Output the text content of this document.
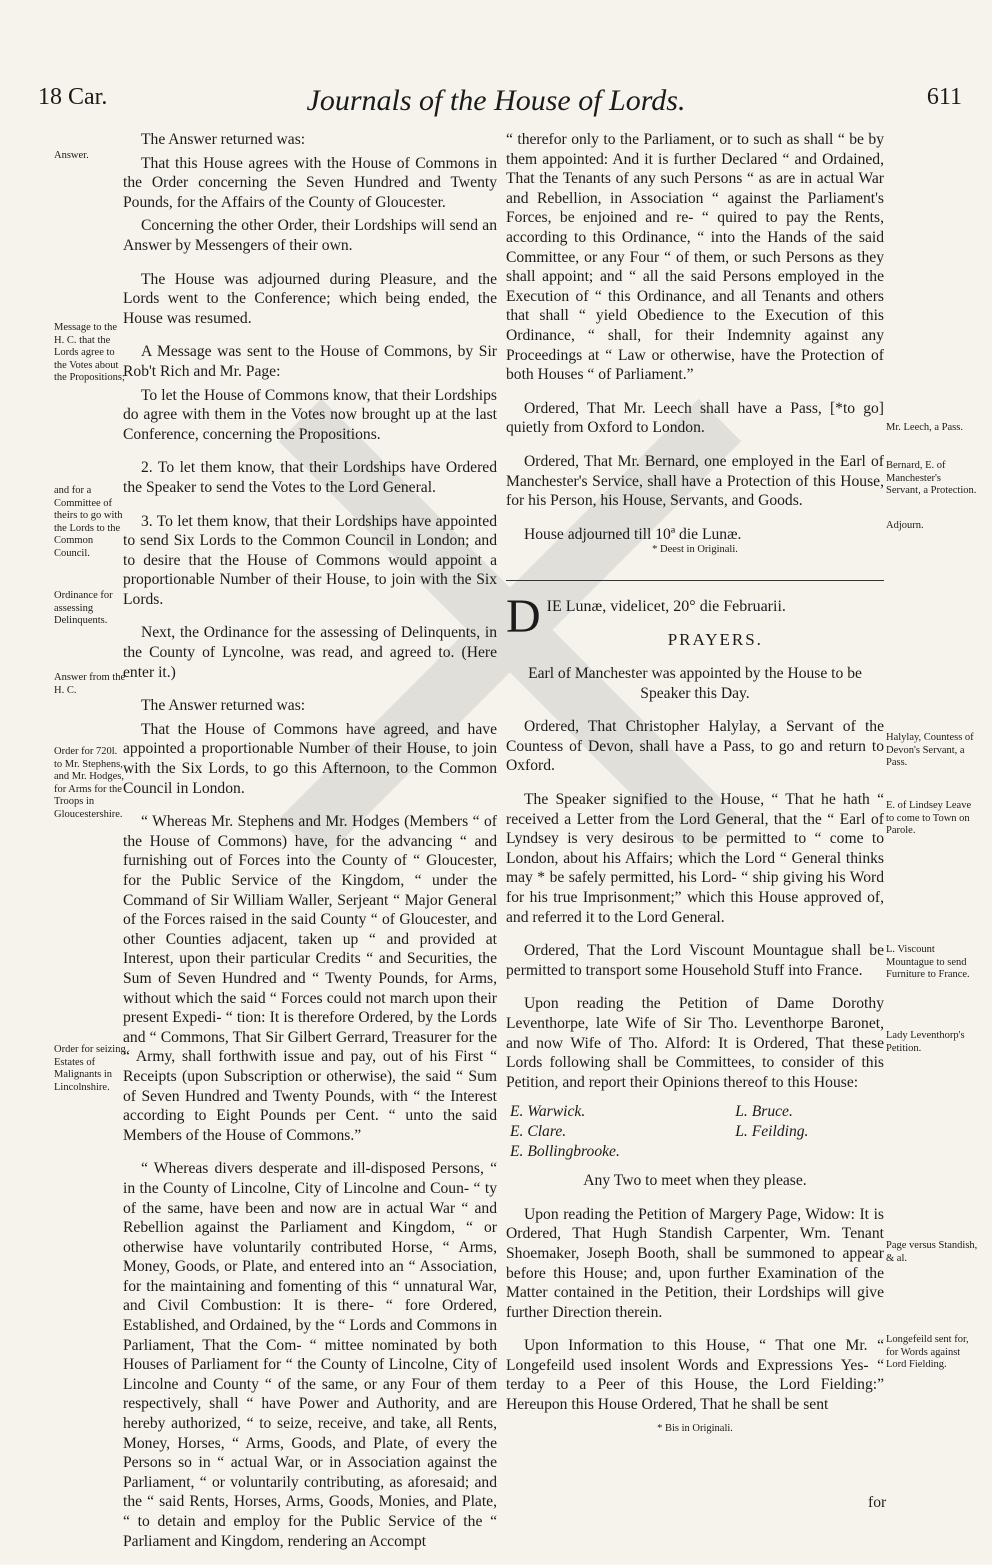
18 Car.	Journals of the House of Lords.	611
Answer.
Message to the H. C. that the Lords agree to the Votes about the Propositions;
and for a Committee of theirs to go with the Lords to the Common Council.
Ordinance for assessing Delinquents.
Answer from the H. C.
Order for 720l. to Mr. Stephens, and Mr. Hodges, for Arms for the Troops in Gloucestershire.
Order for seizing Estates of Malignants in Lincolnshire.
Mr. Leech, a Pass.
Bernard, E. of Manchester's Servant, a Protection.
Adjourn.
Halylay, Countess of Devon's Servant, a Pass.
E. of Lindsey Leave to come to Town on Parole.
L. Viscount Mountague to send Furniture to France.
Lady Leventhorp's Petition.
Page versus Standish, & al.
Longefeild sent for, for Words against Lord Fielding.

The Answer returned was:

That this House agrees with the House of Commons in the Order concerning the Seven Hundred and Twenty Pounds, for the Affairs of the County of Gloucester.

Concerning the other Order, their Lordships will send an Answer by Messengers of their own.

The House was adjourned during Pleasure, and the Lords went to the Conference; which being ended, the House was resumed.

A Message was sent to the House of Commons, by Sir Rob't Rich and Mr. Page:

To let the House of Commons know, that their Lordships do agree with them in the Votes now brought up at the last Conference, concerning the Propositions.

2. To let them know, that their Lordships have Ordered the Speaker to send the Votes to the Lord General.

3. To let them know, that their Lordships have appointed to send Six Lords to the Common Council in London; and to desire that the House of Commons would appoint a proportionable Number of their House, to join with the Six Lords.

Next, the Ordinance for the assessing of Delinquents, in the County of Lyncolne, was read, and agreed to. (Here enter it.)

The Answer returned was:

That the House of Commons have agreed, and have appointed a proportionable Number of their House, to join with the Six Lords, to go this Afternoon, to the Common Council in London.

“ Whereas Mr. Stephens and Mr. Hodges (Members “ of the House of Commons) have, for the advancing “ and furnishing out of Forces into the County of “ Gloucester, for the Public Service of the Kingdom, “ under the Command of Sir William Waller, Serjeant “ Major General of the Forces raised in the said County “ of Gloucester, and other Counties adjacent, taken up “ and provided at Interest, upon their particular Credits “ and Securities, the Sum of Seven Hundred and “ Twenty Pounds, for Arms, without which the said “ Forces could not march upon their present Expedi- “ tion: It is therefore Ordered, by the Lords and “ Commons, That Sir Gilbert Gerrard, Treasurer for the “ Army, shall forthwith issue and pay, out of his First “ Receipts (upon Subscription or otherwise), the said “ Sum of Seven Hundred and Twenty Pounds, with “ the Interest according to Eight Pounds per Cent. “ unto the said Members of the House of Commons.”

“ Whereas divers desperate and ill-disposed Persons, “ in the County of Lincolne, City of Lincolne and Coun- “ ty of the same, have been and now are in actual War “ and Rebellion against the Parliament and Kingdom, “ or otherwise have voluntarily contributed Horse, “ Arms, Money, Goods, or Plate, and entered into an “ Association, for the maintaining and fomenting of this “ unnatural War, and Civil Combustion: It is there- “ fore Ordered, Established, and Ordained, by the “ Lords and Commons in Parliament, That the Com- “ mittee nominated by both Houses of Parliament for “ the County of Lincolne, City of Lincolne and County “ of the same, or any Four of them respectively, shall “ have Power and Authority, and are hereby authorized, “ to seize, receive, and take, all Rents, Money, Horses, “ Arms, Goods, and Plate, of every the Persons so in “ actual War, or in Association against the Parliament, “ or voluntarily contributing, as aforesaid; and the “ said Rents, Horses, Arms, Goods, Monies, and Plate, “ to detain and employ for the Public Service of the “ Parliament and Kingdom, rendering an Accompt

“ therefor only to the Parliament, or to such as shall “ be by them appointed: And it is further Declared “ and Ordained, That the Tenants of any such Persons “ as are in actual War and Rebellion, in Association “ against the Parliament's Forces, be enjoined and re- “ quired to pay the Rents, according to this Ordinance, “ into the Hands of the said Committee, or any Four “ of them, or such Persons as they shall appoint; and “ all the said Persons employed in the Execution of “ this Ordinance, and all Tenants and others that shall “ yield Obedience to the Execution of this Ordinance, “ shall, for their Indemnity against any Proceedings at “ Law or otherwise, have the Protection of both Houses “ of Parliament.”

Ordered, That Mr. Leech shall have a Pass, [*to go] quietly from Oxford to London.

Ordered, That Mr. Bernard, one employed in the Earl of Manchester's Service, shall have a Protection of this House, for his Person, his House, Servants, and Goods.

House adjourned till 10ª die Lunæ.

* Deest in Originali.

D IE Lunæ, videlicet, 20° die Februarii.

PRAYERS.

Earl of Manchester was appointed by the House to be Speaker this Day.

Ordered, That Christopher Halylay, a Servant of the Countess of Devon, shall have a Pass, to go and return to Oxford.

The Speaker signified to the House, “ That he hath “ received a Letter from the Lord General, that the “ Earl of Lyndsey is very desirous to be permitted to “ come to London, about his Affairs; which the Lord “ General thinks may * be safely permitted, his Lord- “ ship giving his Word for his true Imprisonment;” which this House approved of, and referred it to the Lord General.

Ordered, That the Lord Viscount Mountague shall be permitted to transport some Household Stuff into France.

Upon reading the Petition of Dame Dorothy Leventhorpe, late Wife of Sir Tho. Leventhorpe Baronet, and now Wife of Tho. Alford: It is Ordered, That these Lords following shall be Committees, to consider of this Petition, and report their Opinions thereof to this House:

E. Warwick.	L. Bruce.
E. Clare.	L. Feilding.
E. Bollingbrooke.	

Any Two to meet when they please.

Upon reading the Petition of Margery Page, Widow: It is Ordered, That Hugh Standish Carpenter, Wm. Tenant Shoemaker, Joseph Booth, shall be summoned to appear before this House; and, upon further Examination of the Matter contained in the Petition, their Lordships will give further Direction therein.

Upon Information to this House, “ That one Mr. “ Longefeild used insolent Words and Expressions Yes- “ terday to a Peer of this House, the Lord Fielding:” Hereupon this House Ordered, That he shall be sent

* Bis in Originali.
for
